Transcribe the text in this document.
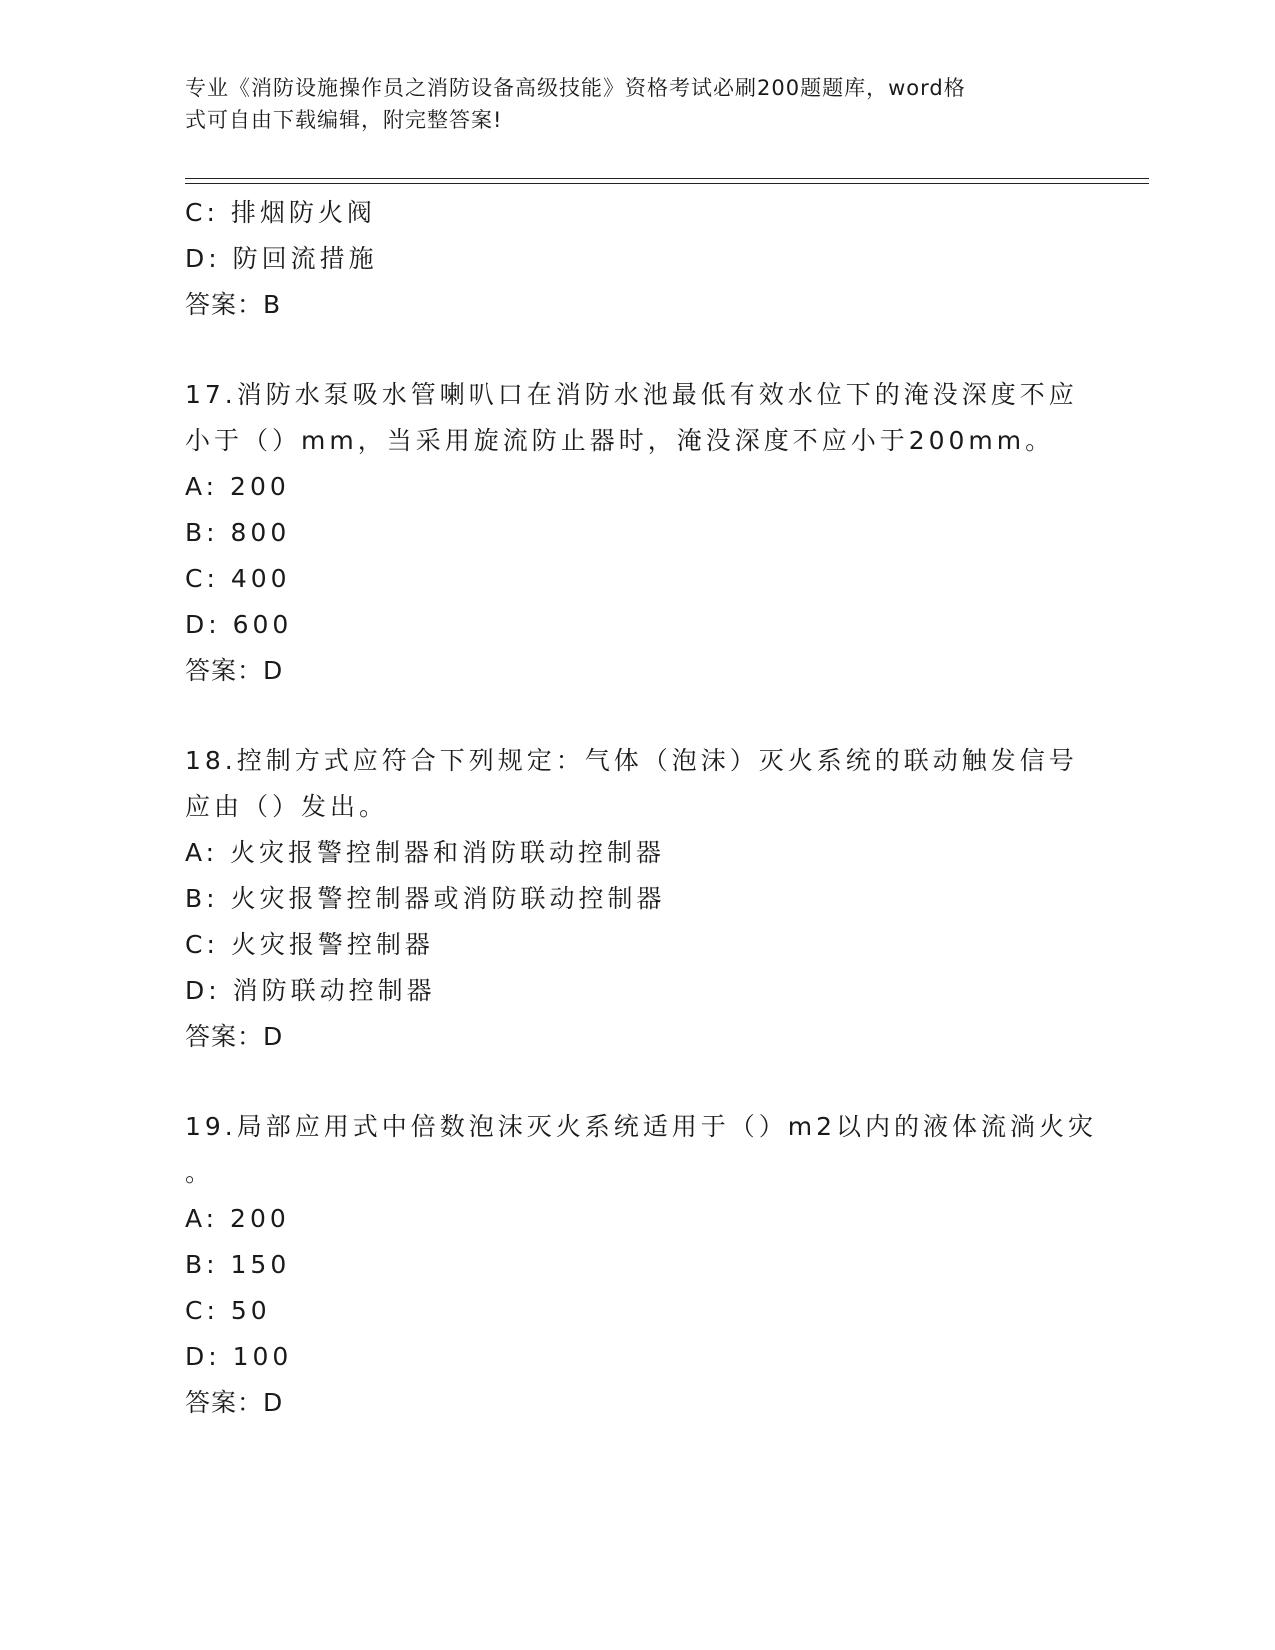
专业《消防设施操作员之消防设备高级技能》资格考试必刷200题题库，word格
式可自由下载编辑，附完整答案!
C: 排烟防火阀
D: 防回流措施
答案：B
17.消防水泵吸水管喇叭口在消防水池最低有效水位下的淹没深度不应
小于（）mm，当采用旋流防止器时，淹没深度不应小于200mm。
A: 200
B: 800
C: 400
D: 600
答案：D
18.控制方式应符合下列规定：气体（泡沫）灭火系统的联动触发信号
应由（）发出。
A: 火灾报警控制器和消防联动控制器
B: 火灾报警控制器或消防联动控制器
C: 火灾报警控制器
D: 消防联动控制器
答案：D
19.局部应用式中倍数泡沫灭火系统适用于（）m2以内的液体流淌火灾
。
A: 200
B: 150
C: 50
D: 100
答案：D
